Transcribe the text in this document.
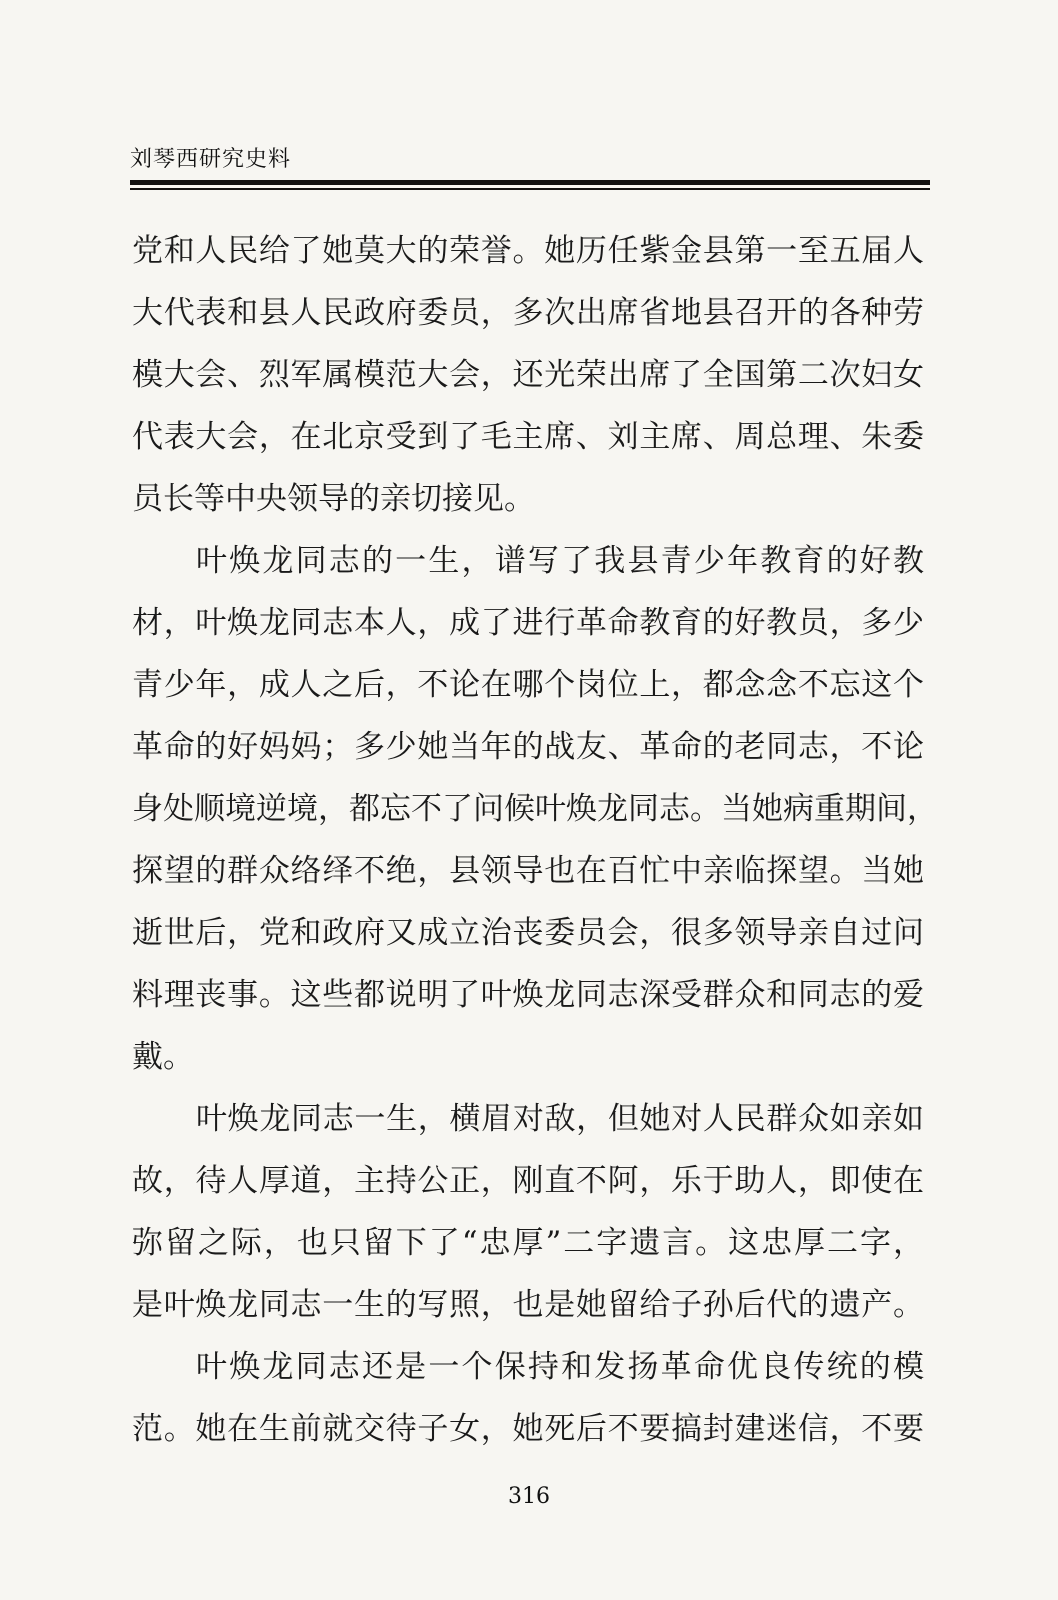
刘琴西研究史料
党和人民给了她莫大的荣誉。她历任紫金县第一至五届人
大代表和县人民政府委员，多次出席省地县召开的各种劳
模大会、烈军属模范大会，还光荣出席了全国第二次妇女
代表大会，在北京受到了毛主席、刘主席、周总理、朱委
员长等中央领导的亲切接见。
叶焕龙同志的一生，谱写了我县青少年教育的好教
材，叶焕龙同志本人，成了进行革命教育的好教员，多少
青少年，成人之后，不论在哪个岗位上，都念念不忘这个
革命的好妈妈；多少她当年的战友、革命的老同志，不论
身处顺境逆境，都忘不了问候叶焕龙同志。当她病重期间，
探望的群众络绎不绝，县领导也在百忙中亲临探望。当她
逝世后，党和政府又成立治丧委员会，很多领导亲自过问
料理丧事。这些都说明了叶焕龙同志深受群众和同志的爱
戴。
叶焕龙同志一生，横眉对敌，但她对人民群众如亲如
故，待人厚道，主持公正，刚直不阿，乐于助人，即使在
弥留之际，也只留下了“忠厚”二字遗言。这忠厚二字，
是叶焕龙同志一生的写照，也是她留给子孙后代的遗产。
叶焕龙同志还是一个保持和发扬革命优良传统的模
范。她在生前就交待子女，她死后不要搞封建迷信，不要
316
